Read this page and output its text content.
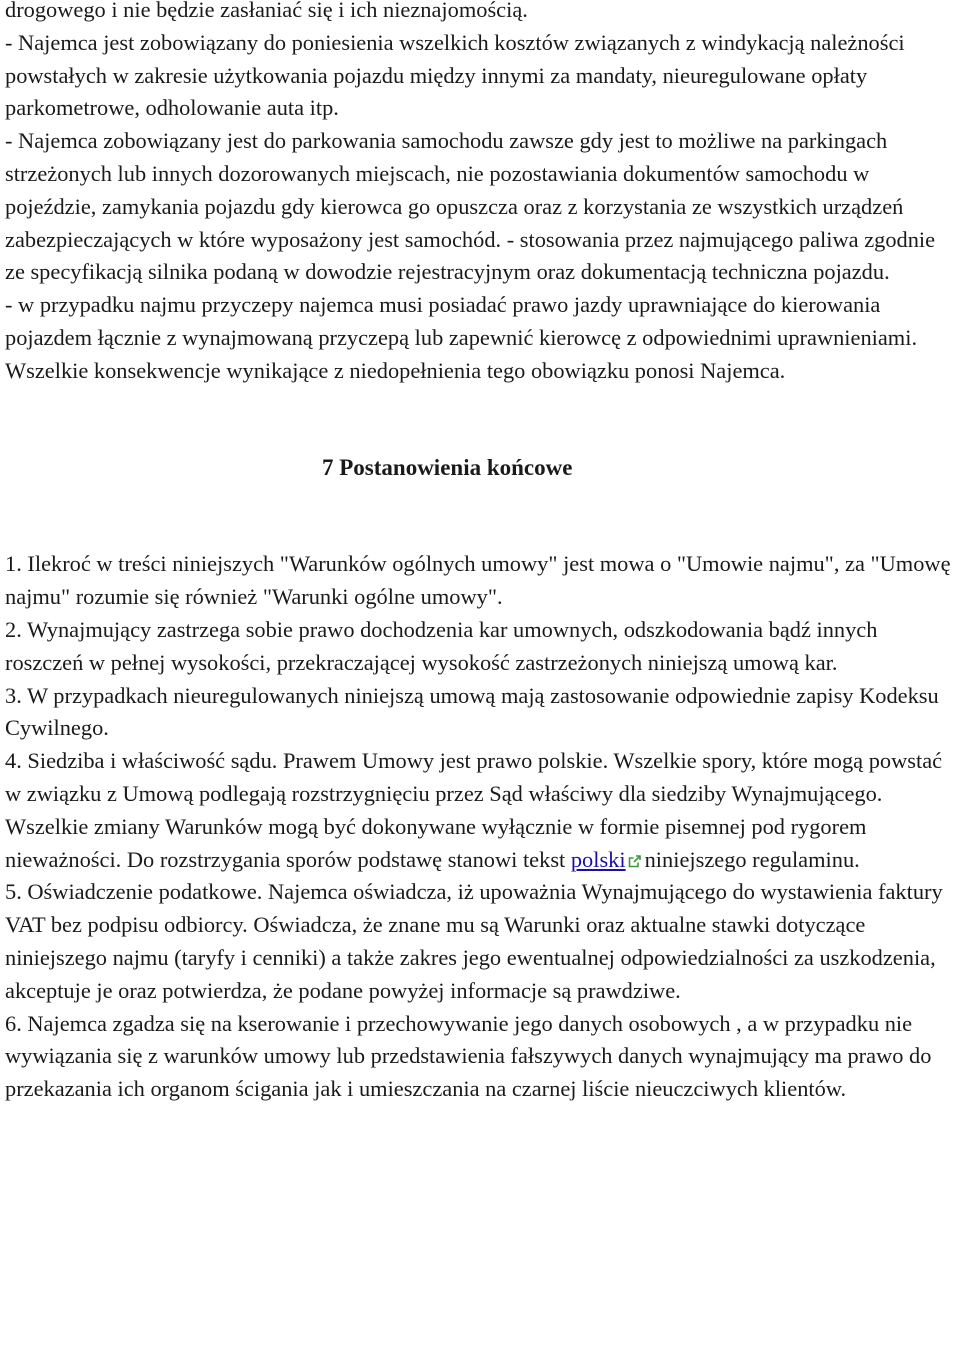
drogowego i nie będzie zasłaniać się i ich nieznajomością.

- Najemca jest zobowiązany do poniesienia wszelkich kosztów związanych z windykacją należności powstałych w zakresie użytkowania pojazdu między innymi za mandaty, nieuregulowane opłaty parkometrowe, odholowanie auta itp.

- Najemca zobowiązany jest do parkowania samochodu zawsze gdy jest to możliwe na parkingach strzeżonych lub innych dozorowanych miejscach, nie pozostawiania dokumentów samochodu w pojeździe, zamykania pojazdu gdy kierowca go opuszcza oraz z korzystania ze wszystkich urządzeń zabezpieczających w które wyposażony jest samochód. - stosowania przez najmującego paliwa zgodnie ze specyfikacją silnika podaną w dowodzie rejestracyjnym oraz dokumentacją techniczna pojazdu.

- w przypadku najmu przyczepy najemca musi posiadać prawo jazdy uprawniające do kierowania pojazdem łącznie z wynajmowaną przyczepą lub zapewnić kierowcę z odpowiednimi uprawnieniami. Wszelkie konsekwencje wynikające z niedopełnienia tego obowiązku ponosi Najemca.

7 Postanowienia końcowe

1. Ilekroć w treści niniejszych "Warunków ogólnych umowy" jest mowa o "Umowie najmu", za "Umowę najmu" rozumie się również "Warunki ogólne umowy".

2. Wynajmujący zastrzega sobie prawo dochodzenia kar umownych, odszkodowania bądź innych roszczeń w pełnej wysokości, przekraczającej wysokość zastrzeżonych niniejszą umową kar.

3. W przypadkach nieuregulowanych niniejszą umową mają zastosowanie odpowiednie zapisy Kodeksu Cywilnego.

4. Siedziba i właściwość sądu. Prawem Umowy jest prawo polskie. Wszelkie spory, które mogą powstać w związku z Umową podlegają rozstrzygnięciu przez Sąd właściwy dla siedziby Wynajmującego. Wszelkie zmiany Warunków mogą być dokonywane wyłącznie w formie pisemnej pod rygorem nieważności. Do rozstrzygania sporów podstawę stanowi tekst polski niniejszego regulaminu.

5. Oświadczenie podatkowe. Najemca oświadcza, iż upoważnia Wynajmującego do wystawienia faktury VAT bez podpisu odbiorcy. Oświadcza, że znane mu są Warunki oraz aktualne stawki dotyczące niniejszego najmu (taryfy i cenniki) a także zakres jego ewentualnej odpowiedzialności za uszkodzenia, akceptuje je oraz potwierdza, że podane powyżej informacje są prawdziwe.

6. Najemca zgadza się na kserowanie i przechowywanie jego danych osobowych , a w przypadku nie wywiązania się z warunków umowy lub przedstawienia fałszywych danych wynajmujący ma prawo do przekazania ich organom ścigania jak i umieszczania na czarnej liście nieuczciwych klientów.
